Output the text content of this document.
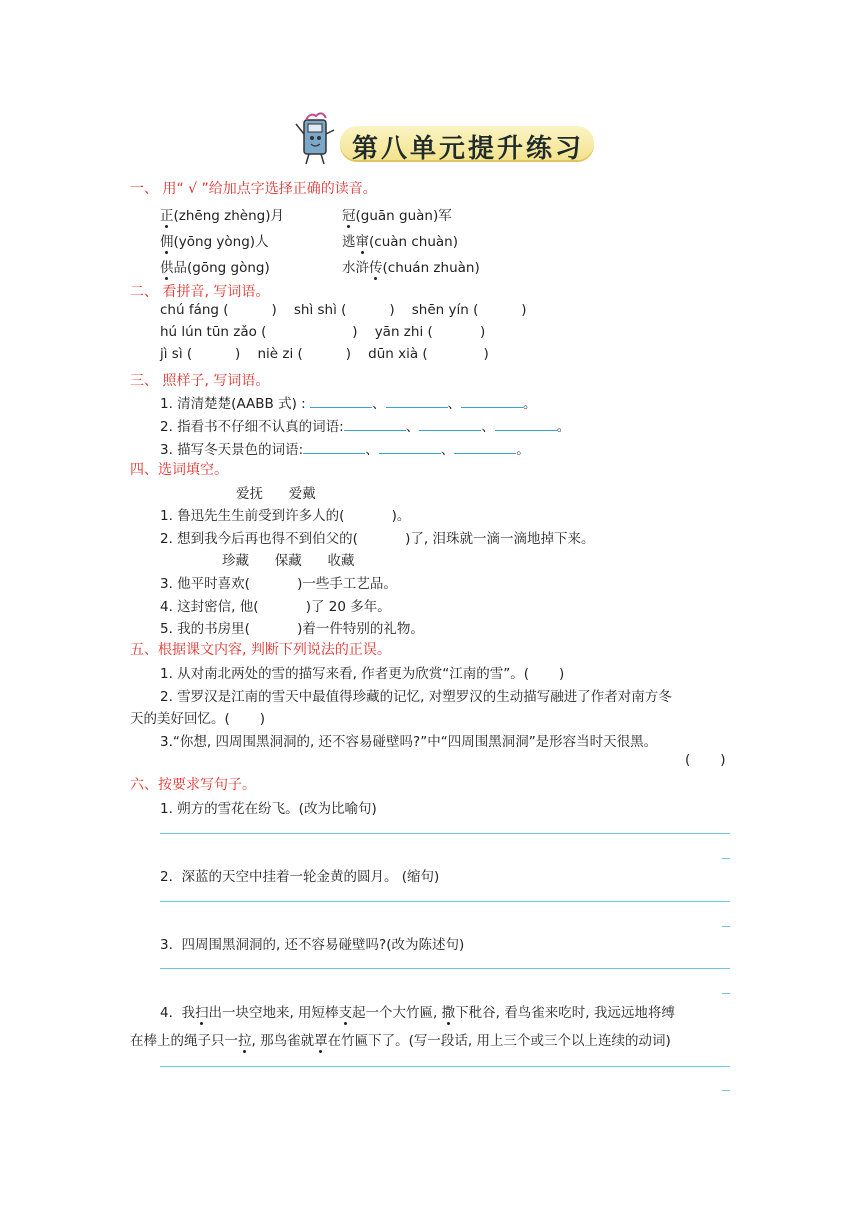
第八单元提升练习
一、 用“ √ ”给加点字选择正确的读音。
正(zhēng zhèng)月	冠(guān guàn)军
佣(yōng yòng)人	逃窜(cuàn chuàn)
供品(gōng gòng)	水浒传(chuán zhuàn)
二、 看拼音, 写词语。
chú fáng (          )    shì shì (          )    shēn yín (          )
hú lún tūn zǎo (                    )    yān zhi (           )
jì sì (          )    niè zi (          )    dūn xià (             )
三、 照样子, 写词语。
1. 清清楚楚(AABB 式) :	、	、	。
2. 指看书不仔细不认真的词语:	、	、	。
3. 描写冬天景色的词语:	、	、	。
四、选词填空。
爱抚      爱戴
1. 鲁迅先生生前受到许多人的(           )。
2. 想到我今后再也得不到伯父的(           )了, 泪珠就一滴一滴地掉下来。
珍藏      保藏      收藏
3. 他平时喜欢(           )一些手工艺品。
4. 这封密信, 他(           )了 20 多年。
5. 我的书房里(           )着一件特别的礼物。
五、根据课文内容, 判断下列说法的正误。
1. 从对南北两处的雪的描写来看, 作者更为欣赏“江南的雪”。(       )
2. 雪罗汉是江南的雪天中最值得珍藏的记忆, 对塑罗汉的生动描写融进了作者对南方冬
天的美好回忆。(       )
3.“你想, 四周围黑洞洞的, 还不容易碰壁吗?”中“四周围黑洞洞”是形容当时天很黑。
(       )
六、按要求写句子。
1. 朔方的雪花在纷飞。(改为比喻句)
2.  深蓝的天空中挂着一轮金黄的圆月。 (缩句)
3.  四周围黑洞洞的, 还不容易碰壁吗?(改为陈述句)
4.  我扫出一块空地来, 用短棒支起一个大竹匾, 撒下秕谷, 看鸟雀来吃时, 我远远地将缚
在棒上的绳子只一拉, 那鸟雀就罩在竹匾下了。(写一段话, 用上三个或三个以上连续的动词)
